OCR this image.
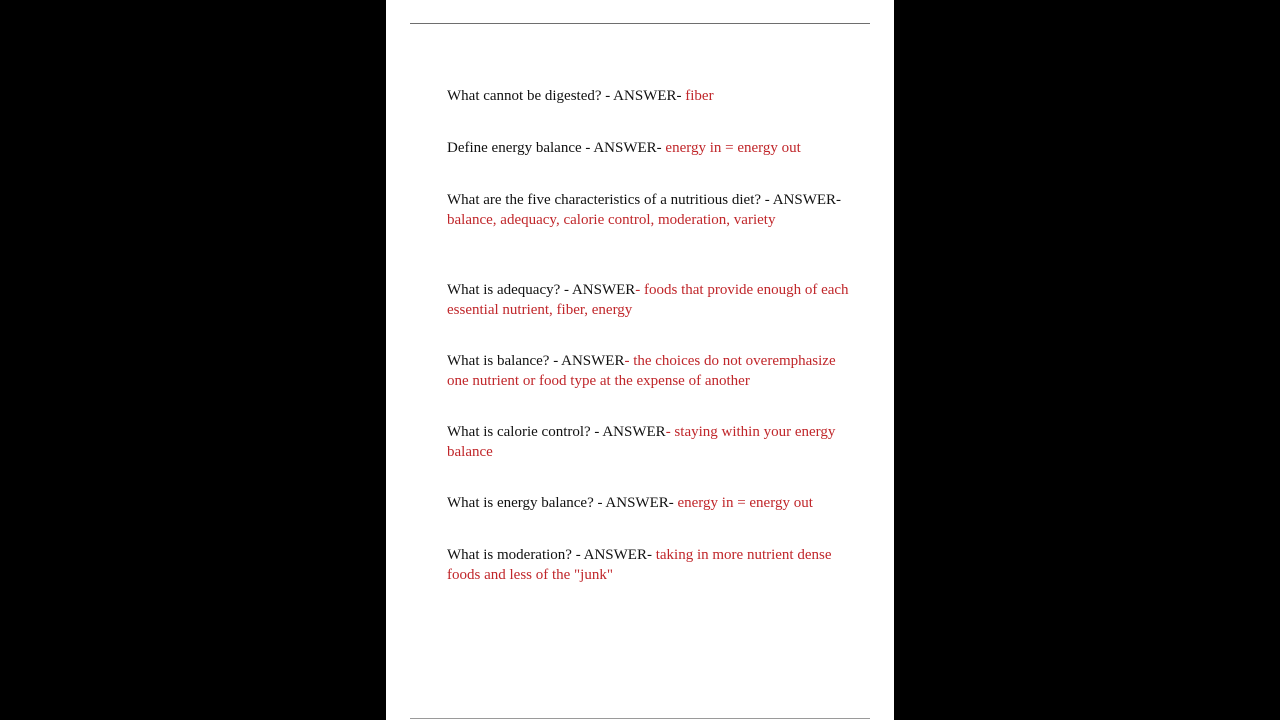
What cannot be digested? - ANSWER- fiber
Define energy balance - ANSWER- energy in = energy out
What are the five characteristics of a nutritious diet? - ANSWER- balance, adequacy, calorie control, moderation, variety
What is adequacy? - ANSWER- foods that provide enough of each essential nutrient, fiber, energy
What is balance? - ANSWER- the choices do not overemphasize one nutrient or food type at the expense of another
What is calorie control? - ANSWER- staying within your energy balance
What is energy balance? - ANSWER- energy in = energy out
What is moderation? - ANSWER- taking in more nutrient dense foods and less of the "junk"
